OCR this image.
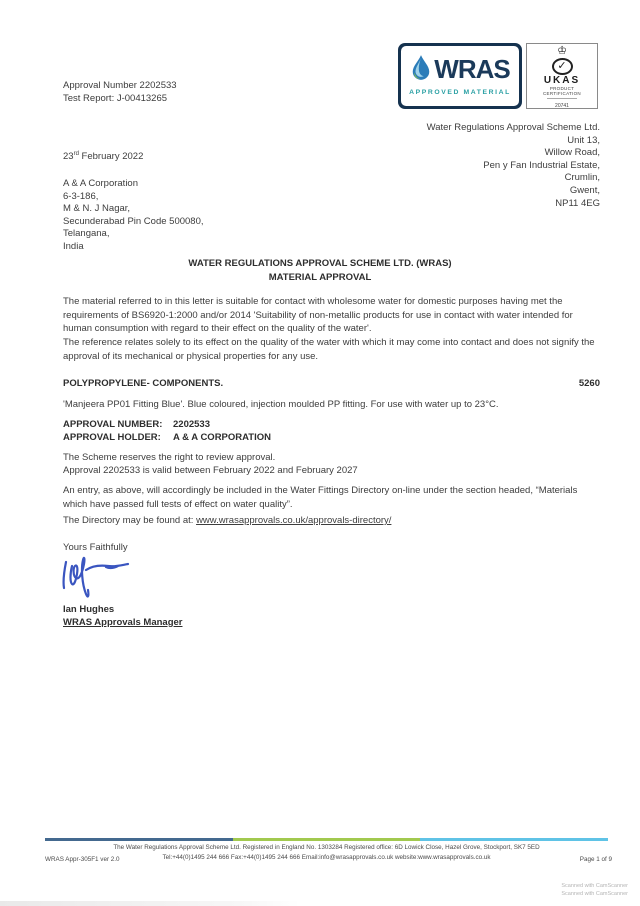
Approval Number 2202533
Test Report: J-00413265
WRAS
APPROVED MATERIAL
♔
✓
UKAS
PRODUCT
CERTIFICATION
20741
Water Regulations Approval Scheme Ltd.
Unit 13,
Willow Road,
Pen y Fan Industrial Estate,
Crumlin,
Gwent,
NP11 4EG
23rd February 2022
A & A Corporation
6-3-186,
M & N. J Nagar,
Secunderabad Pin Code 500080,
Telangana,
India
WATER REGULATIONS APPROVAL SCHEME LTD. (WRAS)
MATERIAL APPROVAL
The material referred to in this letter is suitable for contact with wholesome water for domestic purposes having met the requirements of BS6920-1:2000 and/or 2014 'Suitability of non-metallic products for use in contact with water intended for human consumption with regard to their effect on the quality of the water'.
The reference relates solely to its effect on the quality of the water with which it may come into contact and does not signify the approval of its mechanical or physical properties for any use.
POLYPROPYLENE- COMPONENTS.	5260
'Manjeera PP01 Fitting Blue'. Blue coloured, injection moulded PP fitting. For use with water up to 23°C.
APPROVAL NUMBER:	2202533
APPROVAL HOLDER:	A & A CORPORATION
The Scheme reserves the right to review approval.
Approval 2202533 is valid between February 2022 and February 2027
An entry, as above, will accordingly be included in the Water Fittings Directory on-line under the section headed, “Materials which have passed full tests of effect on water quality”.
The Directory may be found at: www.wrasapprovals.co.uk/approvals-directory/
Yours Faithfully
Ian Hughes
WRAS Approvals Manager
The Water Regulations Approval Scheme Ltd. Registered in England No. 1303284 Registered office: 6D Lowick Close, Hazel Grove, Stockport, SK7 5ED
Tel:+44(0)1495 244 666 Fax:+44(0)1495 244 666 Email:info@wrasapprovals.co.uk website:www.wrasapprovals.co.uk
WRAS Appr-305F1 ver 2.0	Page 1 of 9
Scanned with CamScanner
Scanned with CamScanner
